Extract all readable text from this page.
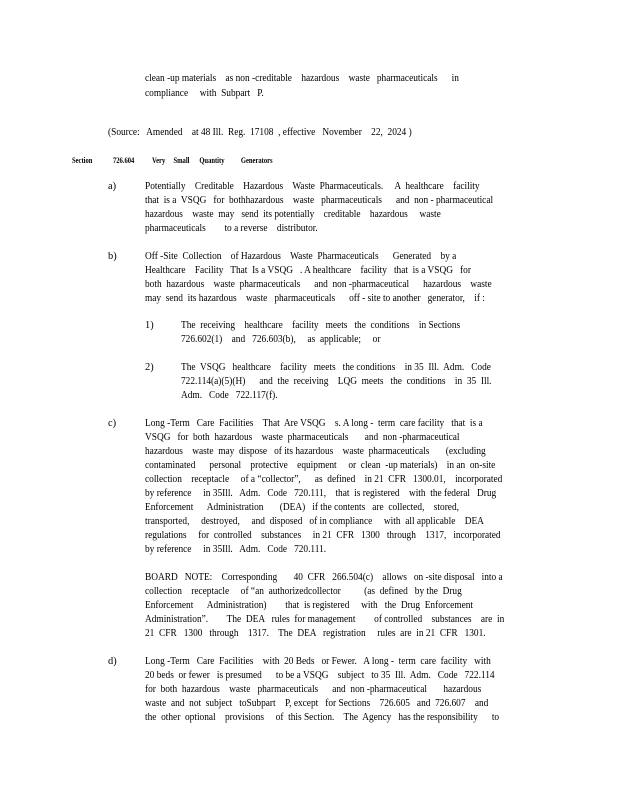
clean -up materials    as non -creditable    hazardous    waste   pharmaceuticals      in
compliance     with  Subpart   P.
(Source:   Amended    at 48 Ill.  Reg.  17108  , effective   November    22,  2024 )
Section	726.604 Very     Small      Quantity          Generators
a)	Potentially    Creditable    Hazardous    Waste  Pharmaceuticals.     A  healthcare    facility
that  is a  VSQG   for  bothhazardous    waste   pharmaceuticals      and  non - pharmaceutical
hazardous    waste  may   send  its potentially    creditable    hazardous     waste
pharmaceuticals        to a reverse    distributor.
b)	Off -Site  Collection    of Hazardous    Waste  Pharmaceuticals      Generated    by a
Healthcare    Facility   That  Is a VSQG   . A healthcare    facility   that  is a VSQG   for
both  hazardous    waste  pharmaceuticals      and  non -pharmaceutical      hazardous    waste
may  send  its hazardous    waste   pharmaceuticals      off - site to another   generator,    if :
1)	The  receiving    healthcare    facility   meets   the  conditions    in Sections
726.602(1)    and   726.603(b),     as  applicable;     or
2)	The  VSQG   healthcare    facility   meets   the conditions    in 35  Ill.  Adm.   Code
722.114(a)(5)(H)      and  the  receiving    LQG  meets   the  conditions    in  35  Ill.
Adm.   Code   722.117(f).
c)	Long -Term   Care  Facilities    That  Are VSQG    s. A long -  term  care facility   that  is a
VSQG   for  both  hazardous    waste  pharmaceuticals       and  non -pharmaceutical
hazardous    waste  may  dispose   of its hazardous    waste  pharmaceuticals       (excluding
contaminated      personal    protective    equipment     or  clean  -up materials)    in an  on-site
collection    receptacle     of a “collector”,      as  defined    in 21  CFR   1300.01,    incorporated
by reference     in 35Ill.   Adm.   Code   720.111,    that  is registered    with  the federal   Drug
Enforcement      Administration       (DEA)   if the contents   are  collected,    stored,
transported,     destroyed,     and  disposed   of in compliance     with  all applicable    DEA
regulations     for  controlled    substances     in 21  CFR   1300   through    1317,   incorporated
by reference     in 35Ill.   Adm.   Code   720.111.
BOARD   NOTE:    Corresponding       40  CFR   266.504(c)    allows   on -site disposal   into a
collection    receptacle     of “an  authorizedcollector          (as  defined   by the  Drug
Enforcement      Administration)        that  is registered     with   the  Drug  Enforcement
Administration”.        The  DEA   rules  for management        of controlled    substances    are  in
21  CFR   1300   through    1317.    The  DEA   registration     rules  are  in 21  CFR   1301.
d)	Long -Term   Care  Facilities    with  20 Beds   or Fewer.   A long -  term  care  facility   with
20 beds  or fewer   is presumed      to be a VSQG    subject   to 35  Ill.  Adm.   Code   722.114
for  both  hazardous    waste   pharmaceuticals      and  non -pharmaceutical       hazardous
waste  and  not  subject   toSubpart    P, except   for Sections    726.605   and  726.607    and
the  other  optional    provisions     of  this Section.    The  Agency   has the responsibility      to
